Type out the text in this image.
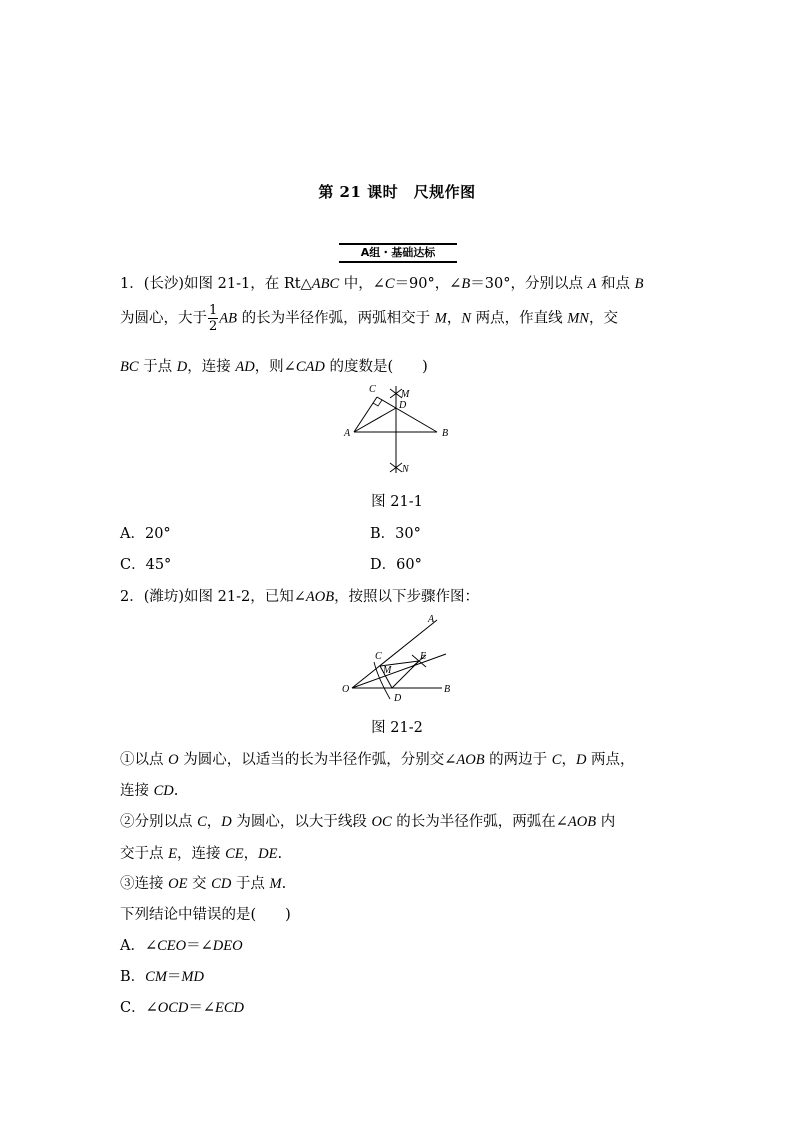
第 21 课时　尺规作图
A组・基础达标
1．(长沙)如图 21-1，在 Rt△ABC 中，∠C＝90°，∠B＝30°，分别以点 A 和点 B
为圆心，大于 $\frac{1}{2}$ AB 的长为半径作弧，两弧相交于 M，N 两点，作直线 MN，交
BC 于点 D，连接 AD，则∠CAD 的度数是(　　)
C	M
D
A	B
N
图 21-1
A．20°	B．30°
C．45°	D．60°
2．(潍坊)如图 21-2，已知∠AOB，按照以下步骤作图：
A
C	E
M
O
D
B
图 21-2
①以点 O 为圆心，以适当的长为半径作弧，分别交∠AOB 的两边于 C，D 两点，
连接 CD.
②分别以点 C，D 为圆心，以大于线段 OC 的长为半径作弧，两弧在∠AOB 内
交于点 E，连接 CE，DE.
③连接 OE 交 CD 于点 M.
下列结论中错误的是(　　)
A．∠CEO＝∠DEO
B．CM＝MD
C．∠OCD＝∠ECD
